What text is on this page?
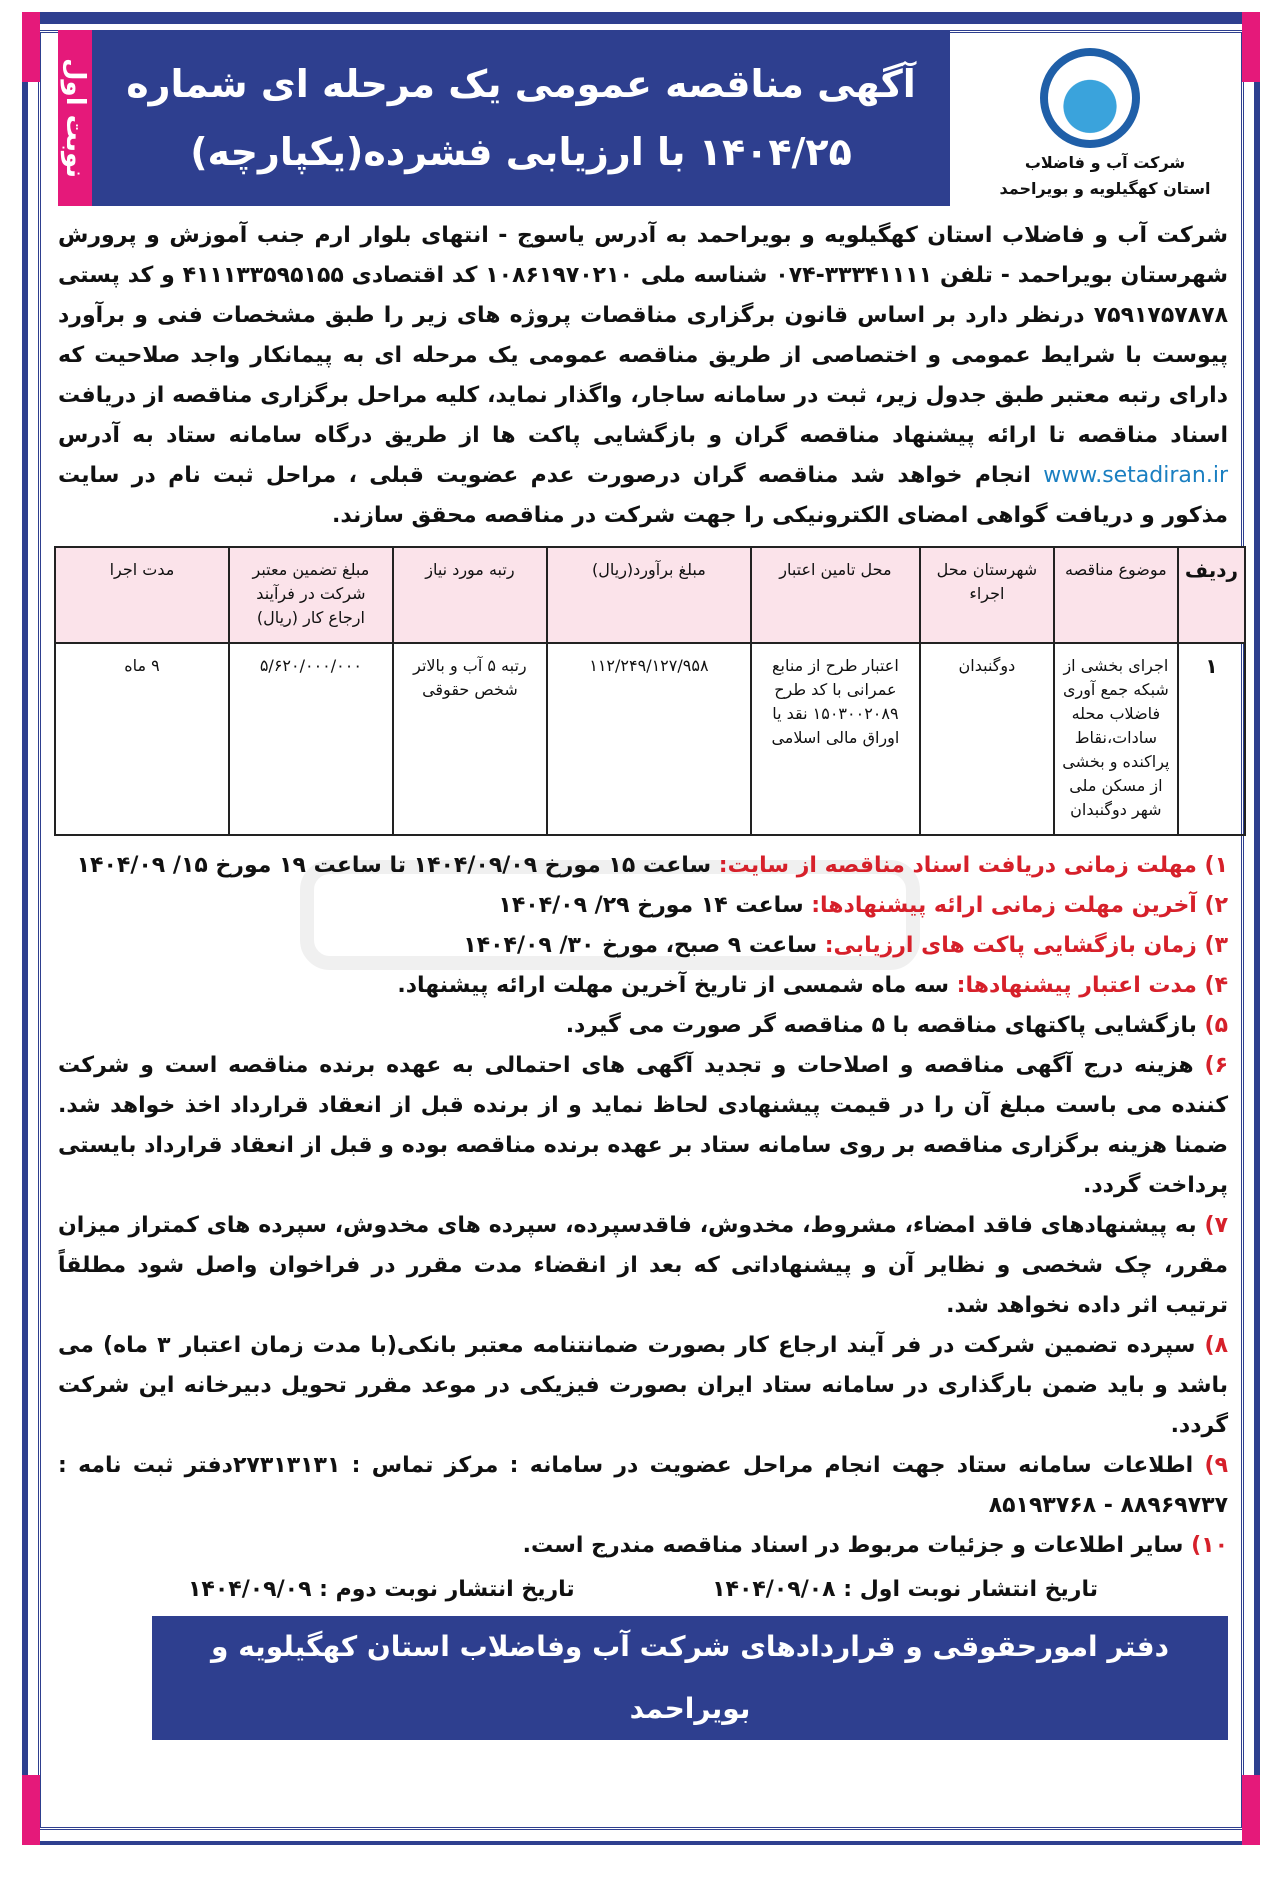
نوبت اول آگهی مناقصه عمومی یک مرحله ای شماره
۱۴۰۴/۲۵ با ارزیابی فشرده(یکپارچه)	شرکت آب و فاضلاب
استان کهگیلویه و بویراحمد
شرکت آب و فاضلاب استان کهگیلویه و بویراحمد به آدرس یاسوج - انتهای بلوار ارم جنب آموزش و پرورش شهرستان بویراحمد - تلفن ۳۳۳۴۱۱۱۱-۰۷۴ شناسه ملی ۱۰۸۶۱۹۷۰۲۱۰ کد اقتصادی ۴۱۱۱۳۳۵۹۵۱۵۵ و کد پستی ۷۵۹۱۷۵۷۸۷۸ درنظر دارد بر اساس قانون برگزاری مناقصات پروژه های زیر را طبق مشخصات فنی و برآورد پیوست با شرایط عمومی و اختصاصی از طریق مناقصه عمومی یک مرحله ای به پیمانکار واجد صلاحیت که دارای رتبه معتبر طبق جدول زیر، ثبت در سامانه ساجار، واگذار نماید، کلیه مراحل برگزاری مناقصه از دریافت اسناد مناقصه تا ارائه پیشنهاد مناقصه گران و بازگشایی پاکت ها از طریق درگاه سامانه ستاد به آدرس www.setadiran.ir انجام خواهد شد مناقصه گران درصورت عدم عضویت قبلی ، مراحل ثبت نام در سایت مذکور و دریافت گواهی امضای الکترونیکی را جهت شرکت در مناقصه محقق سازند.
ردیف	موضوع مناقصه	شهرستان محل اجراء	محل تامین اعتبار	مبلغ برآورد(ریال)	رتبه مورد نیاز	مبلغ تضمین معتبر شرکت در فرآیند ارجاع کار (ریال)	مدت اجرا
۱	اجرای بخشی از شبکه جمع آوری فاضلاب محله سادات،نقاط پراکنده و بخشی از مسکن ملی شهر دوگنبدان	دوگنبدان	اعتبار طرح از منابع عمرانی با کد طرح ۱۵۰۳۰۰۲۰۸۹ نقد یا اوراق مالی اسلامی	۱۱۲/۲۴۹/۱۲۷/۹۵۸	رتبه ۵ آب و بالاتر شخص حقوقی	۵/۶۲۰/۰۰۰/۰۰۰	۹ ماه

۱) مهلت زمانی دریافت اسناد مناقصه از سایت: ساعت ۱۵ مورخ ۱۴۰۴/۰۹/۰۹ تا ساعت ۱۹ مورخ ۱۵/ ۱۴۰۴/۰۹

۲) آخرین مهلت زمانی ارائه پیشنهادها: ساعت ۱۴ مورخ ۲۹/ ۱۴۰۴/۰۹

۳) زمان بازگشایی پاکت های ارزیابی: ساعت ۹ صبح، مورخ ۳۰/ ۱۴۰۴/۰۹

۴) مدت اعتبار پیشنهادها: سه ماه شمسی از تاریخ آخرین مهلت ارائه پیشنهاد.

۵) بازگشایی پاکتهای مناقصه با ۵ مناقصه گر صورت می گیرد.

۶) هزینه درج آگهی مناقصه و اصلاحات و تجدید آگهی های احتمالی به عهده برنده مناقصه است و شرکت کننده می باست مبلغ آن را در قیمت پیشنهادی لحاظ نماید و از برنده قبل از انعقاد قرارداد اخذ خواهد شد. ضمنا هزینه برگزاری مناقصه بر روی سامانه ستاد بر عهده برنده مناقصه بوده و قبل از انعقاد قرارداد بایستی پرداخت گردد.

۷) به پیشنهادهای فاقد امضاء، مشروط، مخدوش، فاقدسپرده، سپرده های مخدوش، سپرده های کمتراز میزان مقرر، چک شخصی و نظایر آن و پیشنهاداتی که بعد از انقضاء مدت مقرر در فراخوان واصل شود مطلقاً ترتیب اثر داده نخواهد شد.

۸) سپرده تضمین شرکت در فر آیند ارجاع کار بصورت ضمانتنامه معتبر بانکی(با مدت زمان اعتبار ۳ ماه) می باشد و باید ضمن بارگذاری در سامانه ستاد ایران بصورت فیزیکی در موعد مقرر تحویل دبیرخانه این شرکت گردد.

۹) اطلاعات سامانه ستاد جهت انجام مراحل عضویت در سامانه : مرکز تماس : ۲۷۳۱۳۱۳۱دفتر ثبت نامه : ۸۸۹۶۹۷۳۷ - ۸۵۱۹۳۷۶۸

۱۰) سایر اطلاعات و جزئیات مربوط در اسناد مناقصه مندرج است.

تاریخ انتشار نوبت اول : ۱۴۰۴/۰۹/۰۸
تاریخ انتشار نوبت دوم : ۱۴۰۴/۰۹/۰۹
دفتر امورحقوقی و قراردادهای شرکت آب وفاضلاب استان کهگیلویه و بویراحمد
